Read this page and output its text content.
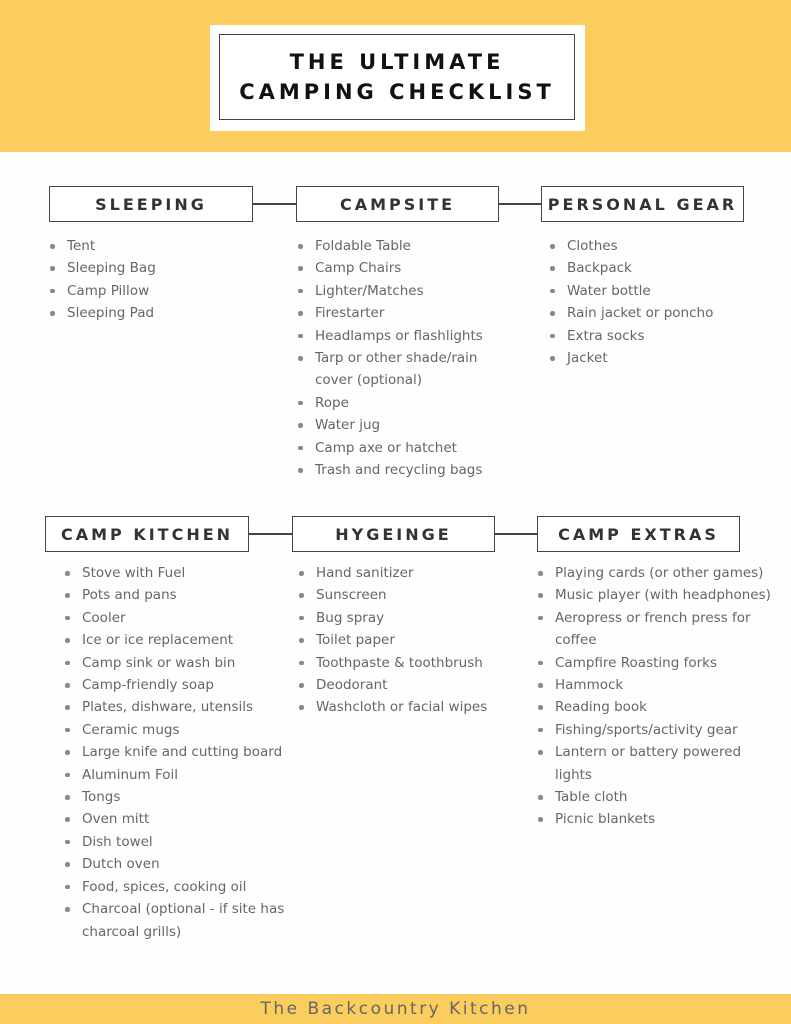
THE ULTIMATE
CAMPING CHECKLIST
SLEEPING	CAMPSITE	PERSONAL GEAR
Tent
Sleeping Bag
Camp Pillow
Sleeping Pad
Foldable Table
Camp Chairs
Lighter/Matches
Firestarter
Headlamps or flashlights
Tarp or other shade/rain
cover (optional)
Rope
Water jug
Camp axe or hatchet
Trash and recycling bags
Clothes
Backpack
Water bottle
Rain jacket or poncho
Extra socks
Jacket
CAMP KITCHEN	HYGEINGE	CAMP EXTRAS
Stove with Fuel
Pots and pans
Cooler
Ice or ice replacement
Camp sink or wash bin
Camp-friendly soap
Plates, dishware, utensils
Ceramic mugs
Large knife and cutting board
Aluminum Foil
Tongs
Oven mitt
Dish towel
Dutch oven
Food, spices, cooking oil
Charcoal (optional - if site has
charcoal grills)
Hand sanitizer
Sunscreen
Bug spray
Toilet paper
Toothpaste & toothbrush
Deodorant
Washcloth or facial wipes
Playing cards (or other games)
Music player (with headphones)
Aeropress or french press for
coffee
Campfire Roasting forks
Hammock
Reading book
Fishing/sports/activity gear
Lantern or battery powered
lights
Table cloth
Picnic blankets
The Backcountry Kitchen
